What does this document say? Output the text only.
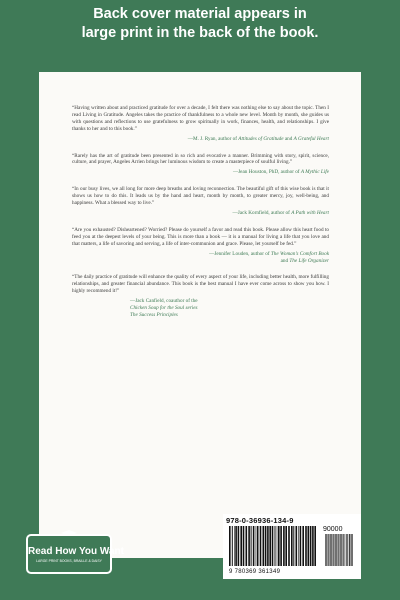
Back cover material appears in
large print in the back of the book.
“Having written about and practiced gratitude for over a decade, I felt there was nothing else to say about the topic. Then I read Living in Gratitude. Angeles takes the practice of thankfulness to a whole new level. Month by month, she guides us with questions and reflections to use gratefulness to grow spiritually in work, finances, health, and relationships. I give thanks to her and to this book.”
—M. J. Ryan, author of Attitudes of Gratitude and A Grateful Heart
“Rarely has the art of gratitude been presented in so rich and evocative a manner. Brimming with story, spirit, science, culture, and prayer, Angeles Arrien brings her luminous wisdom to create a masterpiece of soulful living.”
—Jean Houston, PhD, author of A Mythic Life
“In our busy lives, we all long for more deep breaths and loving reconnection. The beautiful gift of this wise book is that it shows us how to do this. It leads us by the hand and heart, month by month, to greater mercy, joy, well-being, and happiness. What a blessed way to live.”
—Jack Kornfield, author of A Path with Heart
“Are you exhausted? Disheartened? Worried? Please do yourself a favor and read this book. Please allow this heart food to feed you at the deepest levels of your being. This is more than a book — it is a manual for living a life that you love and that matters, a life of savoring and serving, a life of inter-communion and grace. Please, let yourself be fed.”
—Jennifer Louden, author of The Woman’s Comfort Book
and The Life Organizer
“The daily practice of gratitude will enhance the quality of every aspect of your life, including better health, more fulfilling relationships, and greater financial abundance. This book is the best manual I have ever come across to show you how. I highly recommend it!”
—Jack Canfield, coauthor of the
Chicken Soup for the Soul series
The Success Principles
Read How You Want
LARGE PRINT BOOKS, BRAILLE & DAISY
978-0-36936-134-9
90000
9 780369 361349
